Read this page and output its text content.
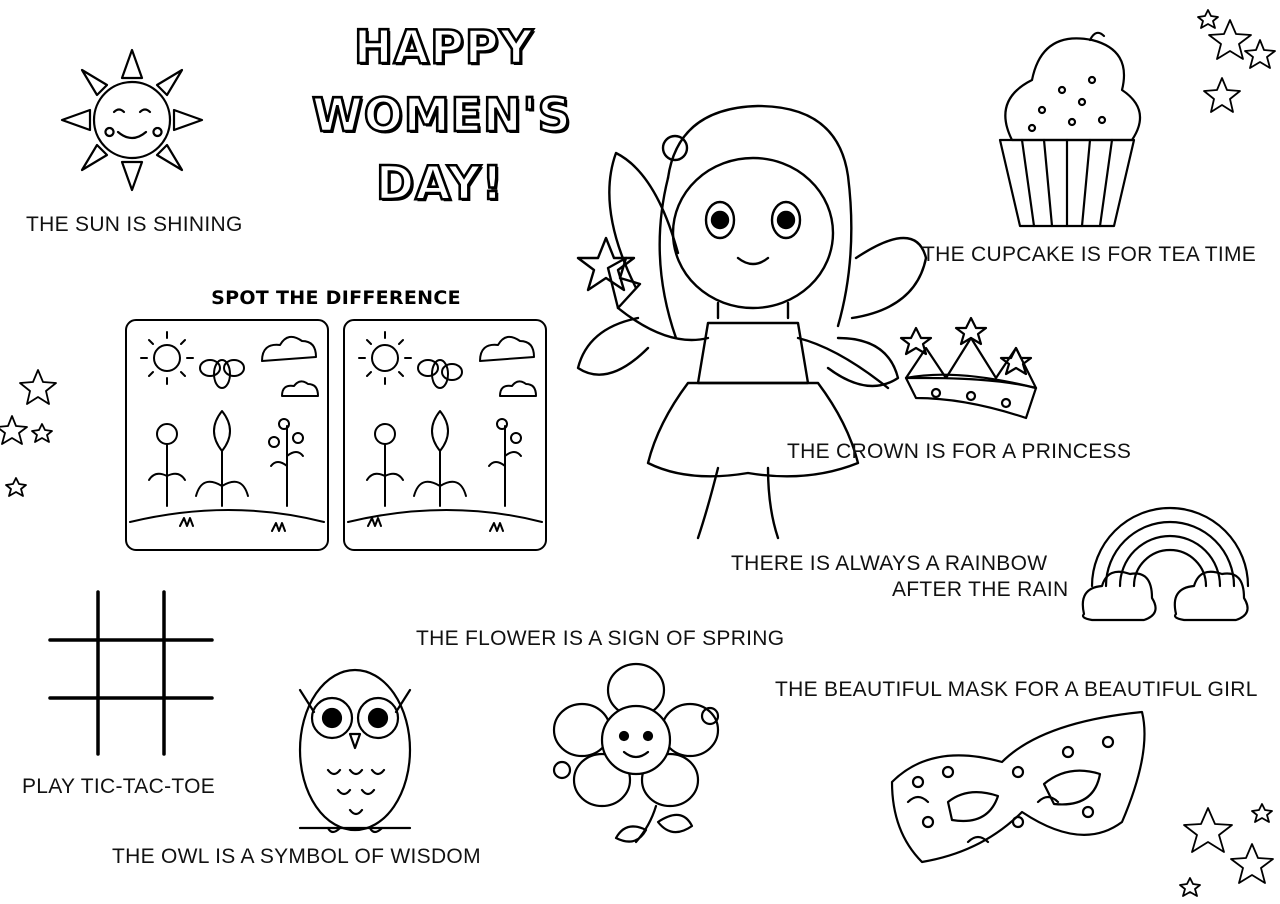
HAPPY
WOMEN'S
DAY!
THE SUN IS SHINING
SPOT THE DIFFERENCE
THE CUPCAKE IS FOR TEA TIME
THE CROWN IS FOR A PRINCESS
THERE IS ALWAYS A RAINBOW
AFTER THE RAIN
PLAY TIC-TAC-TOE
THE OWL IS A SYMBOL OF WISDOM
THE FLOWER IS A SIGN OF SPRING
THE BEAUTIFUL MASK FOR A BEAUTIFUL GIRL
